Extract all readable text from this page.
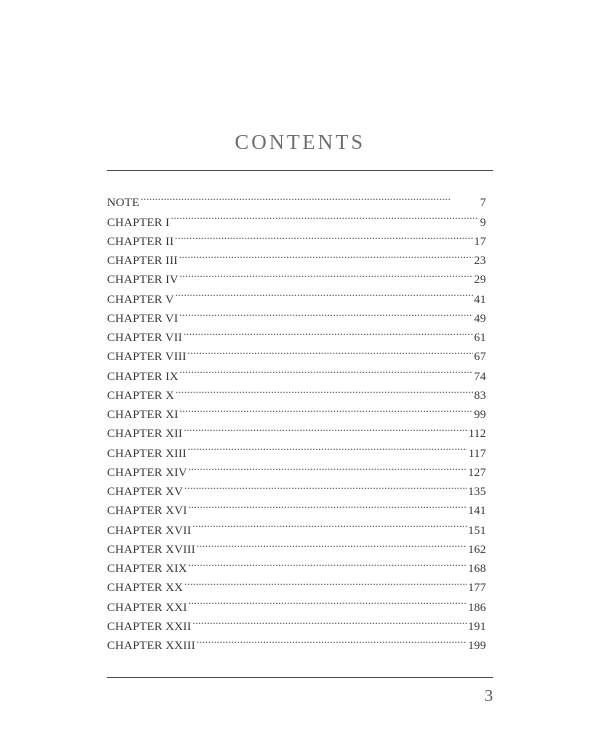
CONTENTS
NOTE . . .	7
CHAPTER I . . .	9
CHAPTER II . . .	17
CHAPTER III . . .	23
CHAPTER IV . . .	29
CHAPTER V . . .	41
CHAPTER VI . . .	49
CHAPTER VII . . .	61
CHAPTER VIII . . .	67
CHAPTER IX . . .	74
CHAPTER X . . .	83
CHAPTER XI . . .	99
CHAPTER XII . . .	112
CHAPTER XIII . . .	117
CHAPTER XIV . . .	127
CHAPTER XV . . .	135
CHAPTER XVI . . .	141
CHAPTER XVII . . .	151
CHAPTER XVIII . . .	162
CHAPTER XIX . . .	168
CHAPTER XX . . .	177
CHAPTER XXI . . .	186
CHAPTER XXII . . .	191
CHAPTER XXIII . . .	199

3
